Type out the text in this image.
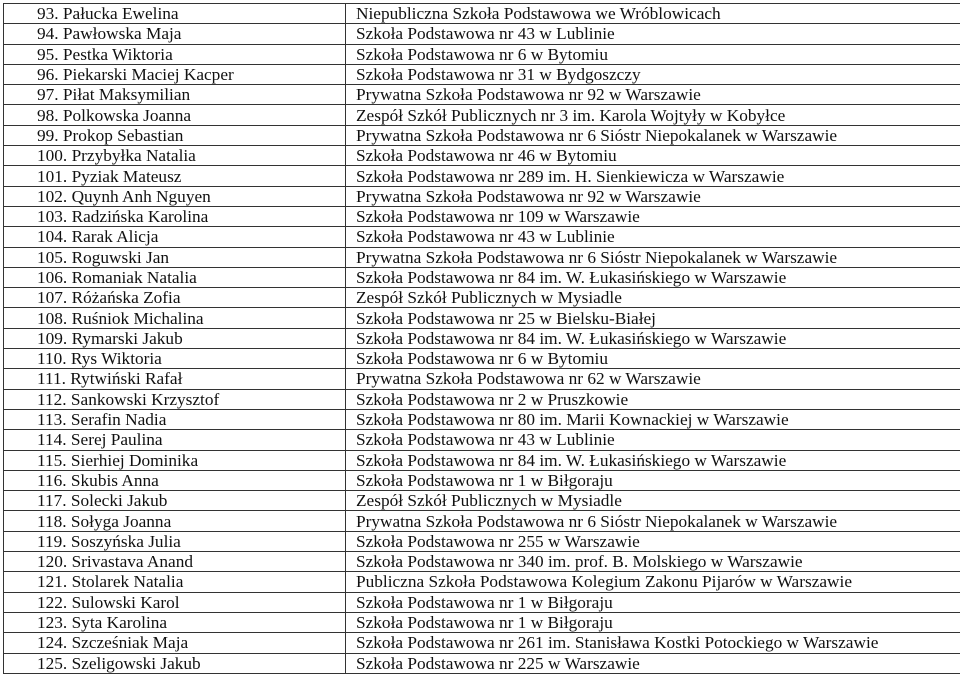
93. Pałucka Ewelina	Niepubliczna Szkoła Podstawowa we Wróblowicach
94. Pawłowska Maja	Szkoła Podstawowa nr 43 w Lublinie
95. Pestka Wiktoria	Szkoła Podstawowa nr 6 w Bytomiu
96. Piekarski Maciej Kacper	Szkoła Podstawowa nr 31 w Bydgoszczy
97. Piłat Maksymilian	Prywatna Szkoła Podstawowa nr 92 w Warszawie
98. Polkowska Joanna	Zespół Szkół Publicznych nr 3 im. Karola Wojtyły w Kobyłce
99. Prokop Sebastian	Prywatna Szkoła Podstawowa nr 6 Sióstr Niepokalanek w Warszawie
100. Przybyłka Natalia	Szkoła Podstawowa nr 46 w Bytomiu
101. Pyziak Mateusz	Szkoła Podstawowa nr 289 im. H. Sienkiewicza w Warszawie
102. Quynh Anh Nguyen	Prywatna Szkoła Podstawowa nr 92 w Warszawie
103. Radzińska Karolina	Szkoła Podstawowa nr 109 w Warszawie
104. Rarak Alicja	Szkoła Podstawowa nr 43 w Lublinie
105. Roguwski Jan	Prywatna Szkoła Podstawowa nr 6 Sióstr Niepokalanek w Warszawie
106. Romaniak Natalia	Szkoła Podstawowa nr 84 im. W. Łukasińskiego w Warszawie
107. Różańska Zofia	Zespół Szkół Publicznych w Mysiadle
108. Ruśniok Michalina	Szkoła Podstawowa nr 25 w Bielsku-Białej
109. Rymarski Jakub	Szkoła Podstawowa nr 84 im. W. Łukasińskiego w Warszawie
110. Rys Wiktoria	Szkoła Podstawowa nr 6 w Bytomiu
111. Rytwiński Rafał	Prywatna Szkoła Podstawowa nr 62 w Warszawie
112. Sankowski Krzysztof	Szkoła Podstawowa nr 2 w Pruszkowie
113. Serafin Nadia	Szkoła Podstawowa nr 80 im. Marii Kownackiej w Warszawie
114. Serej Paulina	Szkoła Podstawowa nr 43 w Lublinie
115. Sierhiej Dominika	Szkoła Podstawowa nr 84 im. W. Łukasińskiego w Warszawie
116. Skubis Anna	Szkoła Podstawowa nr 1 w Biłgoraju
117. Solecki Jakub	Zespół Szkół Publicznych w Mysiadle
118. Sołyga Joanna	Prywatna Szkoła Podstawowa nr 6 Sióstr Niepokalanek w Warszawie
119. Soszyńska Julia	Szkoła Podstawowa nr 255 w Warszawie
120. Srivastava Anand	Szkoła Podstawowa nr 340 im. prof. B. Molskiego w Warszawie
121. Stolarek Natalia	Publiczna Szkoła Podstawowa Kolegium Zakonu Pijarów w Warszawie
122. Sulowski Karol	Szkoła Podstawowa nr 1 w Biłgoraju
123. Syta Karolina	Szkoła Podstawowa nr 1 w Biłgoraju
124. Szcześniak Maja	Szkoła Podstawowa nr 261 im. Stanisława Kostki Potockiego w Warszawie
125. Szeligowski Jakub	Szkoła Podstawowa nr 225 w Warszawie
